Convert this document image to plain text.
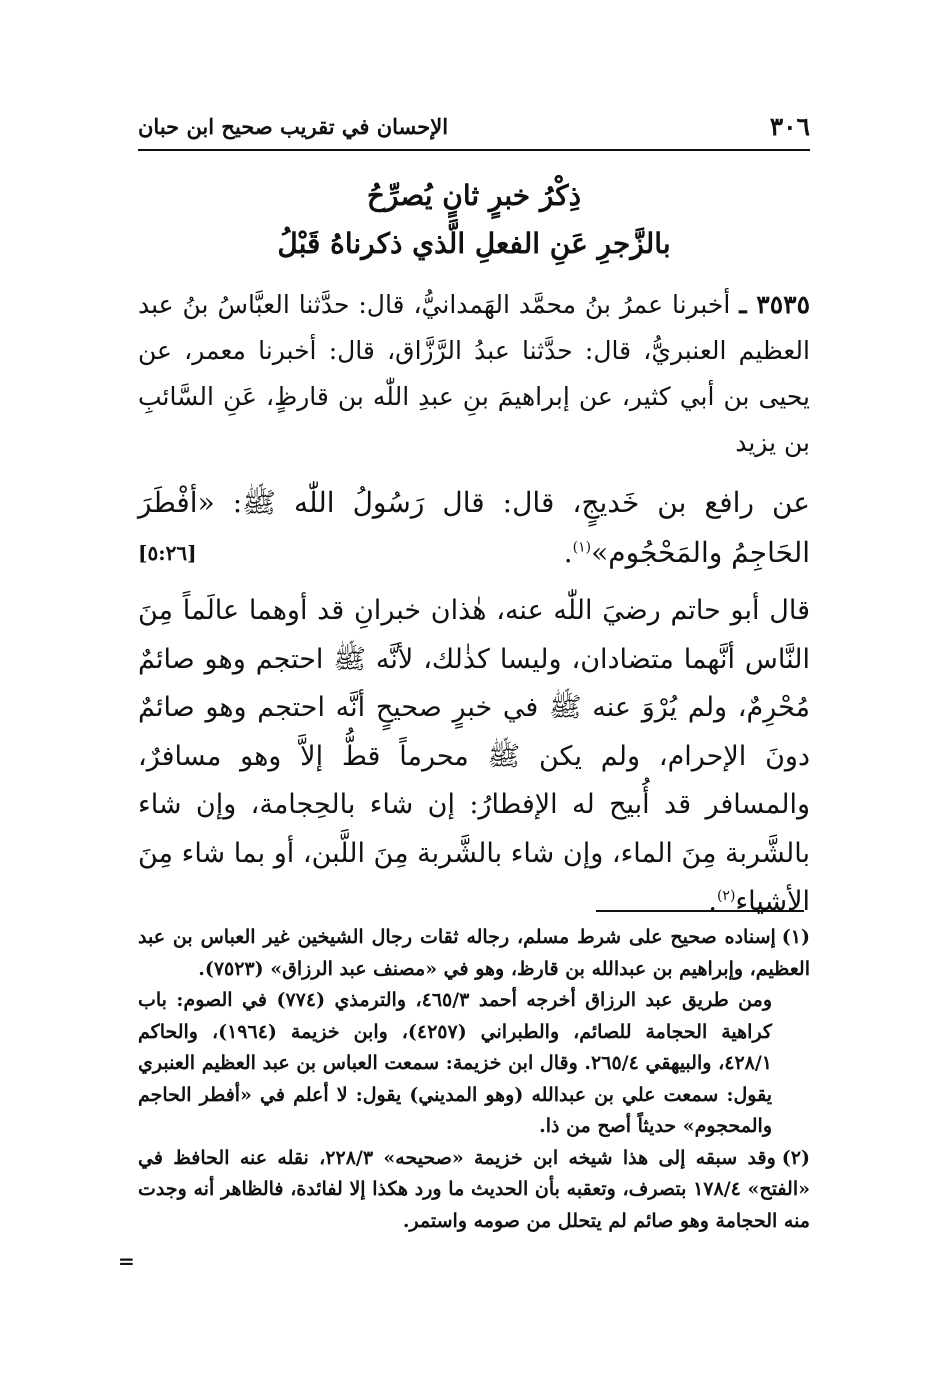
٣٠٦
الإحسان في تقريب صحيح ابن حبان
ذِكْرُ خبرٍ ثانٍ يُصرِّحُ
بالزَّجرِ عَنِ الفعلِ الَّذي ذكرناهُ قَبْلُ
٣٥٣٥ ـ أخبرنا عمرُ بنُ محمَّد الهَمدانيُّ، قال: حدَّثنا العبَّاسُ بنُ عبد العظيم العنبريُّ، قال: حدَّثنا عبدُ الرَّزَّاق، قال: أخبرنا معمر، عن يحيى بن أبي كثير، عن إبراهيمَ بنِ عبدِ اللّٰه بن قارظٍ، عَنِ السَّائبِ بن يزيد
عن رافع بن خَديجٍ، قال: قال رَسُولُ اللّٰه ﷺ: «أفْطَرَ الحَاجِمُ والمَحْجُوم»$^{(١)}$.
[٥:٢٦]
قال أبو حاتم رضيَ اللّٰه عنه، هٰذان خبرانِ قد أوهما عالَماً مِنَ النَّاس أنَّهما متضادان، وليسا كذٰلك، لأنَّه ﷺ احتجم وهو صائمٌ مُحْرِمٌ، ولم يُرْوَ عنه ﷺ في خبرٍ صحيحٍ أنَّه احتجم وهو صائمٌ دونَ الإحرام، ولم يكن ﷺ محرماً قطُّ إلاَّ وهو مسافرٌ، والمسافر قد أُبيح له الإفطارُ: إن شاء بالحِجامة، وإن شاء بالشَّربة مِنَ الماء، وإن شاء بالشَّربة مِنَ اللَّبن، أو بما شاء مِنَ الأشياء$^{(٢)}$.

(١)إسناده صحيح على شرط مسلم، رجاله ثقات رجال الشيخين غير العباس بن عبد العظيم، وإبراهيم بن عبدالله بن قارظ، وهو في «مصنف عبد الرزاق» (٧٥٢٣).

ومن طريق عبد الرزاق أخرجه أحمد ٤٦٥/٣، والترمذي (٧٧٤) في الصوم: باب كراهية الحجامة للصائم، والطبراني (٤٢٥٧)، وابن خزيمة (١٩٦٤)، والحاكم ٤٢٨/١، والبيهقي ٢٦٥/٤. وقال ابن خزيمة: سمعت العباس بن عبد العظيم العنبري يقول: سمعت علي بن عبدالله (وهو المديني) يقول: لا أعلم في «أفطر الحاجم والمحجوم» حديثاً أصح من ذا.

(٢)وقد سبقه إلى هذا شيخه ابن خزيمة «صحيحه» ٢٢٨/٣، نقله عنه الحافظ في «الفتح» ١٧٨/٤ بتصرف، وتعقبه بأن الحديث ما ورد هكذا إلا لفائدة، فالظاهر أنه وجدت منه الحجامة وهو صائم لم يتحلل من صومه واستمر.

=
